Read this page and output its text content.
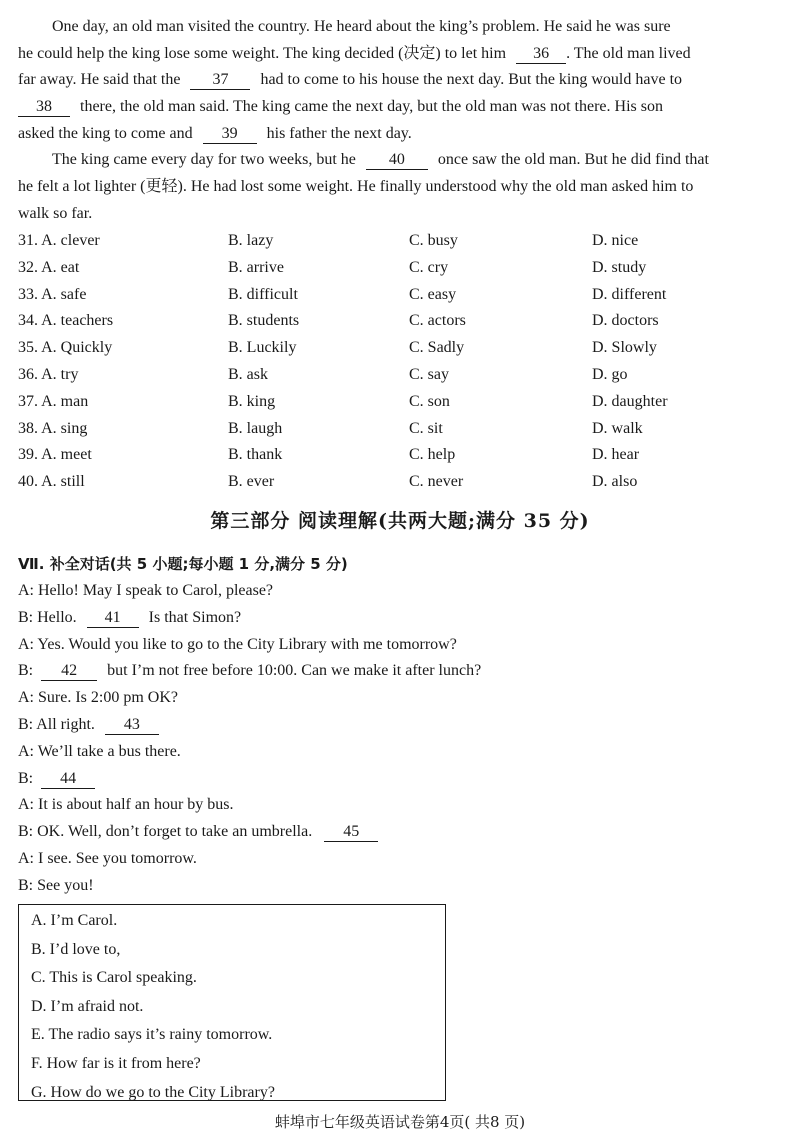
One day, an old man visited the country. He heard about the king’s problem. He said he was sure
he could help the king lose some weight. The king decided (决定) to let him 36 . The old man lived
far away. He said that the 37 had to come to his house the next day. But the king would have to
38 there, the old man said. The king came the next day, but the old man was not there. His son
asked the king to come and 39 his father the next day.
The king came every day for two weeks, but he 40 once saw the old man. But he did find that
he felt a lot lighter (更轻). He had lost some weight. He finally understood why the old man asked him to
walk so far.
31. A. clever	B. lazy	C. busy	D. nice
32. A. eat	B. arrive	C. cry	D. study
33. A. safe	B. difficult	C. easy	D. different
34. A. teachers	B. students	C. actors	D. doctors
35. A. Quickly	B. Luckily	C. Sadly	D. Slowly
36. A. try	B. ask	C. say	D. go
37. A. man	B. king	C. son	D. daughter
38. A. sing	B. laugh	C. sit	D. walk
39. A. meet	B. thank	C. help	D. hear
40. A. still	B. ever	C. never	D. also
第三部分 阅读理解(共两大题;满分 35 分)
Ⅶ. 补全对话(共 5 小题;每小题 1 分,满分 5 分)
A: Hello! May I speak to Carol, please?
B: Hello. 41 Is that Simon?
A: Yes. Would you like to go to the City Library with me tomorrow?
B: 42 but I’m not free before 10:00. Can we make it after lunch?
A: Sure. Is 2:00 pm OK?
B: All right. 43
A: We’ll take a bus there.
B: 44
A: It is about half an hour by bus.
B: OK. Well, don’t forget to take an umbrella. 45
A: I see. See you tomorrow.
B: See you!
A. I’m Carol.
B. I’d love to,
C. This is Carol speaking.
D. I’m afraid not.
E. The radio says it’s rainy tomorrow.
F. How far is it from here?
G. How do we go to the City Library?
蚌埠市七年级英语试卷第4页( 共8 页)
